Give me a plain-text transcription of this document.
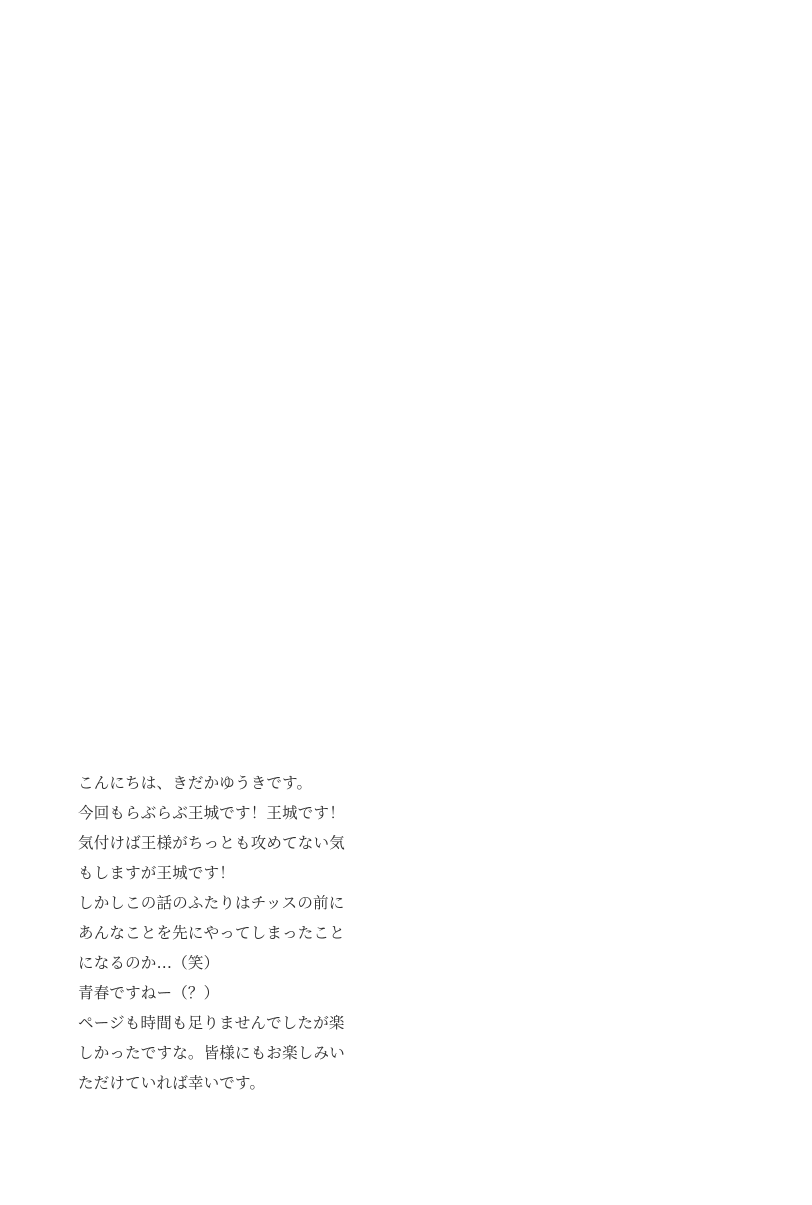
こんにちは、きだかゆうきです。

今回もらぶらぶ王城です！王城です！

気付けば王様がちっとも攻めてない気

もしますが王城です！

しかしこの話のふたりはチッスの前に

あんなことを先にやってしまったこと

になるのか…（笑）

青春ですねー（？）

ページも時間も足りませんでしたが楽

しかったですな。皆様にもお楽しみい

ただけていれば幸いです。
